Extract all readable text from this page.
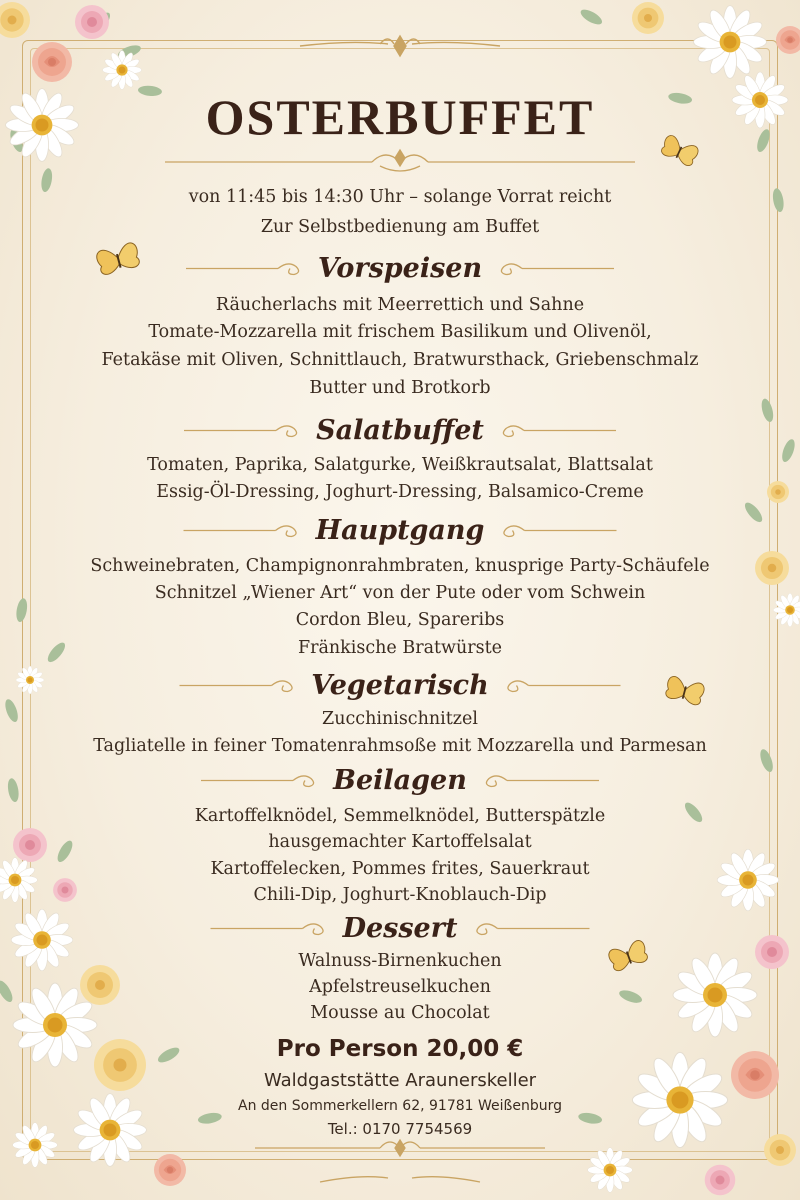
OSTERBUFFET
von 11:45 bis 14:30 Uhr – solange Vorrat reicht
Zur Selbstbedienung am Buffet
Vorspeisen
Räucherlachs mit Meerrettich und Sahne
Tomate-Mozzarella mit frischem Basilikum und Olivenöl,
Fetakäse mit Oliven, Schnittlauch, Bratwursthack, Griebenschmalz
Butter und Brotkorb
Salatbuffet
Tomaten, Paprika, Salatgurke, Weißkrautsalat, Blattsalat
Essig-Öl-Dressing, Joghurt-Dressing, Balsamico-Creme
Hauptgang
Schweinebraten, Champignonrahmbraten, knusprige Party-Schäufele
Schnitzel „Wiener Art“ von der Pute oder vom Schwein
Cordon Bleu, Spareribs
Fränkische Bratwürste
Vegetarisch
Zucchinischnitzel
Tagliatelle in feiner Tomatenrahmsoße mit Mozzarella und Parmesan
Beilagen
Kartoffelknödel, Semmelknödel, Butterspätzle
hausgemachter Kartoffelsalat
Kartoffelecken, Pommes frites, Sauerkraut
Chili-Dip, Joghurt-Knoblauch-Dip
Dessert
Walnuss-Birnenkuchen
Apfelstreuselkuchen
Mousse au Chocolat
Pro Person 20,00 €
Waldgaststätte Araunerskeller
An den Sommerkellern 62, 91781 Weißenburg
Tel.: 0170 7754569
